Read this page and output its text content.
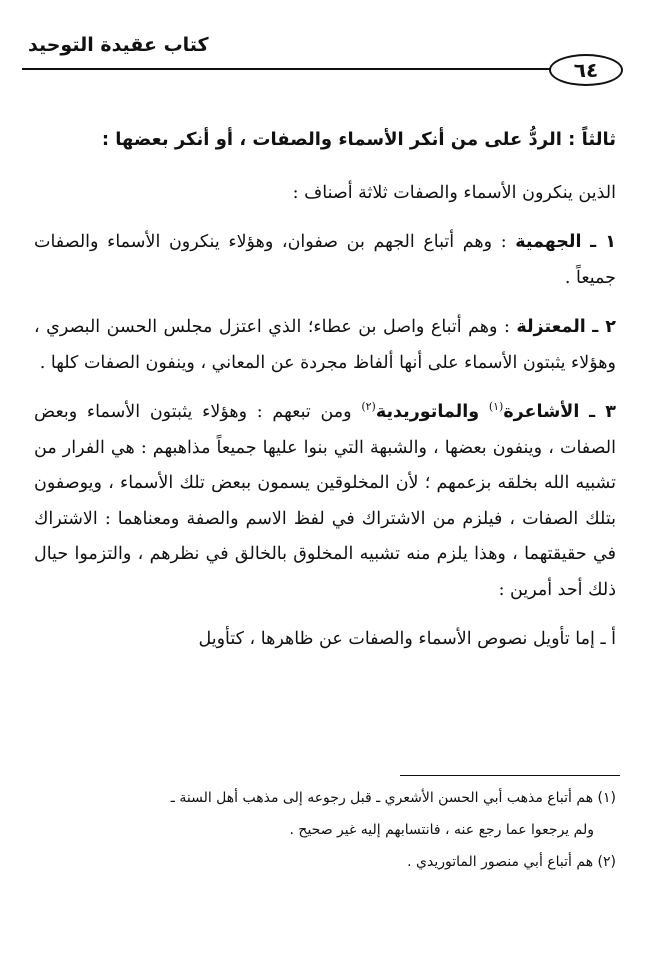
كتاب عقيدة التوحيد
٦٤

ثالثاً : الردُّ على من أنكر الأسماء والصفات ، أو أنكر بعضها :

الذين ينكرون الأسماء والصفات ثلاثة أصناف :

١ ـ الجهمية : وهم أتباع الجهم بن صفوان، وهؤلاء ينكرون الأسماء والصفات جميعاً .

٢ ـ المعتزلة : وهم أتباع واصل بن عطاء؛ الذي اعتزل مجلس الحسن البصري ، وهؤلاء يثبتون الأسماء على أنها ألفاظ مجردة عن المعاني ، وينفون الصفات كلها .

٣ ـ الأشاعرة$^{(١)}$ والماتوريدية$^{(٢)}$ ومن تبعهم : وهؤلاء يثبتون الأسماء وبعض الصفات ، وينفون بعضها ، والشبهة التي بنوا عليها جميعاً مذاهبهم : هي الفرار من تشبيه الله بخلقه بزعمهم ؛ لأن المخلوقين يسمون ببعض تلك الأسماء ، ويوصفون بتلك الصفات ، فيلزم من الاشتراك في لفظ الاسم والصفة ومعناهما : الاشتراك في حقيقتهما ، وهذا يلزم منه تشبيه المخلوق بالخالق في نظرهم ، والتزموا حيال ذلك أحد أمرين :

أ ـ إما تأويل نصوص الأسماء والصفات عن ظاهرها ، كتأويل

(١) هم أتباع مذهب أبي الحسن الأشعري ـ قبل رجوعه إلى مذهب أهل السنة ـ

ولم يرجعوا عما رجع عنه ، فانتسابهم إليه غير صحيح .

(٢) هم أتباع أبي منصور الماتوريدي .
